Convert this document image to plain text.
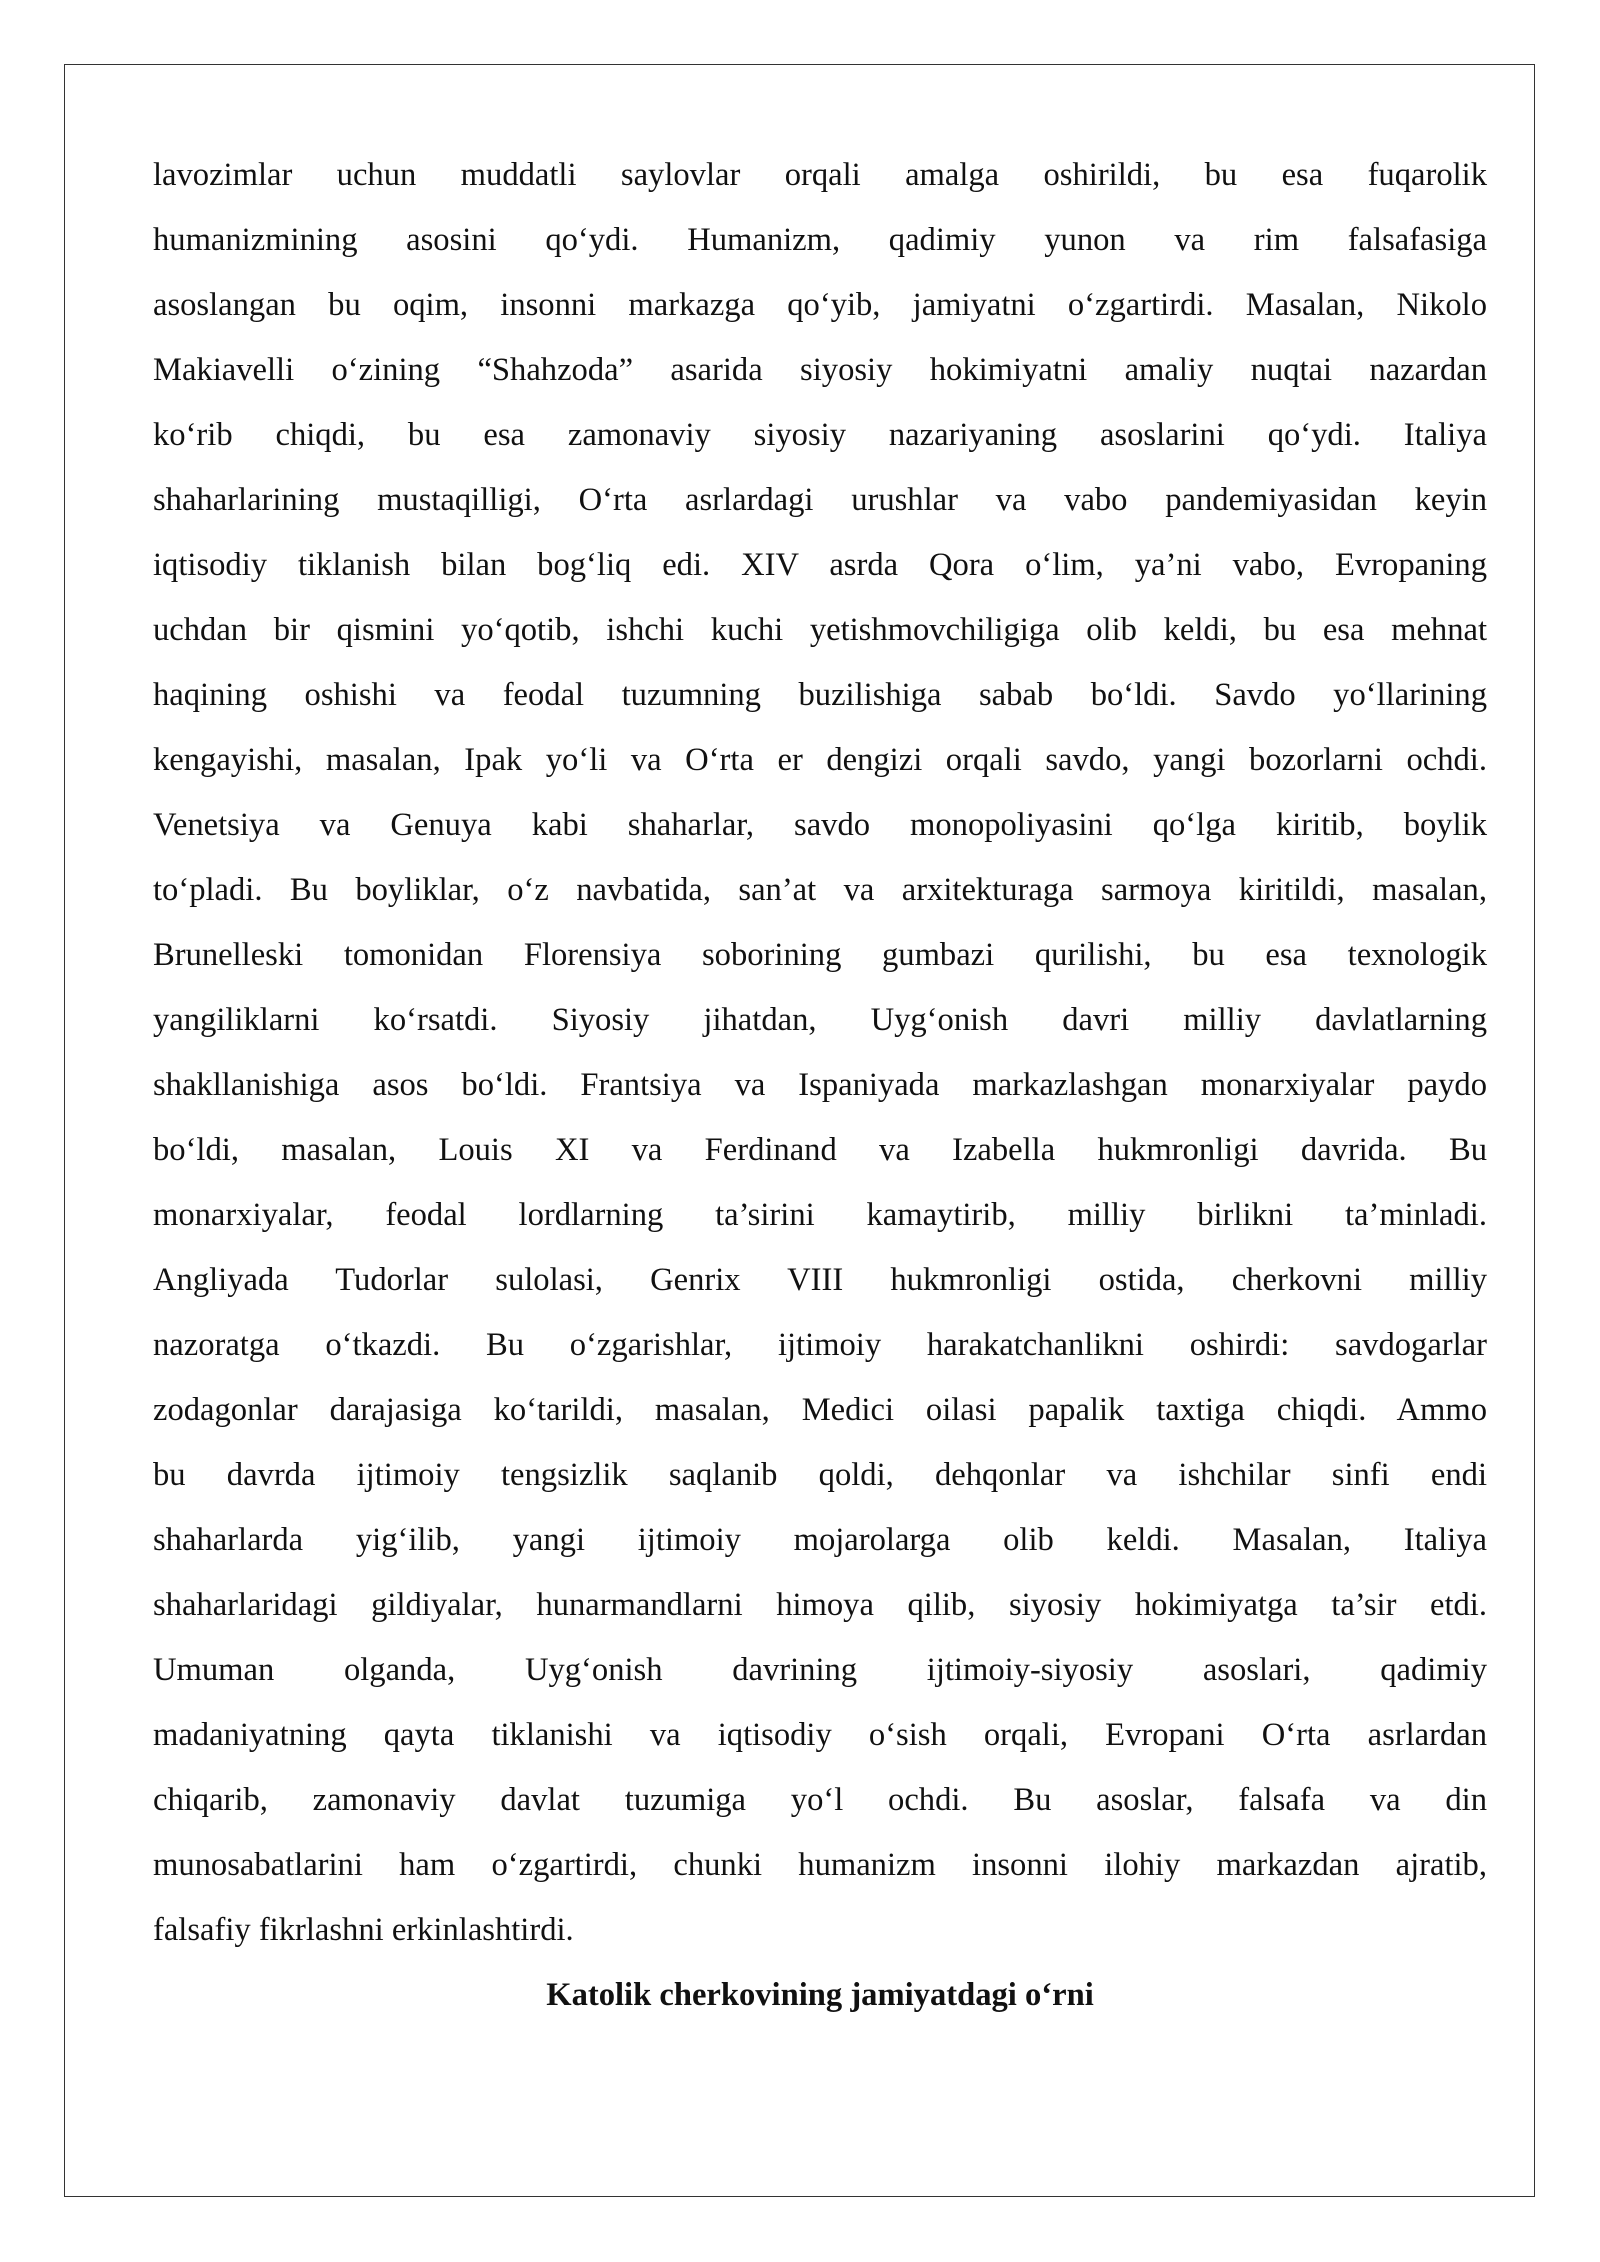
lavozimlar uchun muddatli saylovlar orqali amalga oshirildi, bu esa fuqarolik
humanizmining asosini qo‘ydi. Humanizm, qadimiy yunon va rim falsafasiga
asoslangan bu oqim, insonni markazga qo‘yib, jamiyatni o‘zgartirdi. Masalan, Nikolo
Makiavelli o‘zining “Shahzoda” asarida siyosiy hokimiyatni amaliy nuqtai nazardan
ko‘rib chiqdi, bu esa zamonaviy siyosiy nazariyaning asoslarini qo‘ydi. Italiya
shaharlarining mustaqilligi, O‘rta asrlardagi urushlar va vabo pandemiyasidan keyin
iqtisodiy tiklanish bilan bog‘liq edi. XIV asrda Qora o‘lim, ya’ni vabo, Evropaning
uchdan bir qismini yo‘qotib, ishchi kuchi yetishmovchiligiga olib keldi, bu esa mehnat
haqining oshishi va feodal tuzumning buzilishiga sabab bo‘ldi. Savdo yo‘llarining
kengayishi, masalan, Ipak yo‘li va O‘rta er dengizi orqali savdo, yangi bozorlarni ochdi.
Venetsiya va Genuya kabi shaharlar, savdo monopoliyasini qo‘lga kiritib, boylik
to‘pladi. Bu boyliklar, o‘z navbatida, san’at va arxitekturaga sarmoya kiritildi, masalan,
Brunelleski tomonidan Florensiya soborining gumbazi qurilishi, bu esa texnologik
yangiliklarni ko‘rsatdi. Siyosiy jihatdan, Uyg‘onish davri milliy davlatlarning
shakllanishiga asos bo‘ldi. Frantsiya va Ispaniyada markazlashgan monarxiyalar paydo
bo‘ldi, masalan, Louis XI va Ferdinand va Izabella hukmronligi davrida. Bu
monarxiyalar, feodal lordlarning ta’sirini kamaytirib, milliy birlikni ta’minladi.
Angliyada Tudorlar sulolasi, Genrix VIII hukmronligi ostida, cherkovni milliy
nazoratga o‘tkazdi. Bu o‘zgarishlar, ijtimoiy harakatchanlikni oshirdi: savdogarlar
zodagonlar darajasiga ko‘tarildi, masalan, Medici oilasi papalik taxtiga chiqdi. Ammo
bu davrda ijtimoiy tengsizlik saqlanib qoldi, dehqonlar va ishchilar sinfi endi
shaharlarda yig‘ilib, yangi ijtimoiy mojarolarga olib keldi. Masalan, Italiya
shaharlaridagi gildiyalar, hunarmandlarni himoya qilib, siyosiy hokimiyatga ta’sir etdi.
Umuman olganda, Uyg‘onish davrining ijtimoiy-siyosiy asoslari, qadimiy
madaniyatning qayta tiklanishi va iqtisodiy o‘sish orqali, Evropani O‘rta asrlardan
chiqarib, zamonaviy davlat tuzumiga yo‘l ochdi. Bu asoslar, falsafa va din
munosabatlarini ham o‘zgartirdi, chunki humanizm insonni ilohiy markazdan ajratib,
falsafiy fikrlashni erkinlashtirdi.
Katolik cherkovining jamiyatdagi o‘rni
